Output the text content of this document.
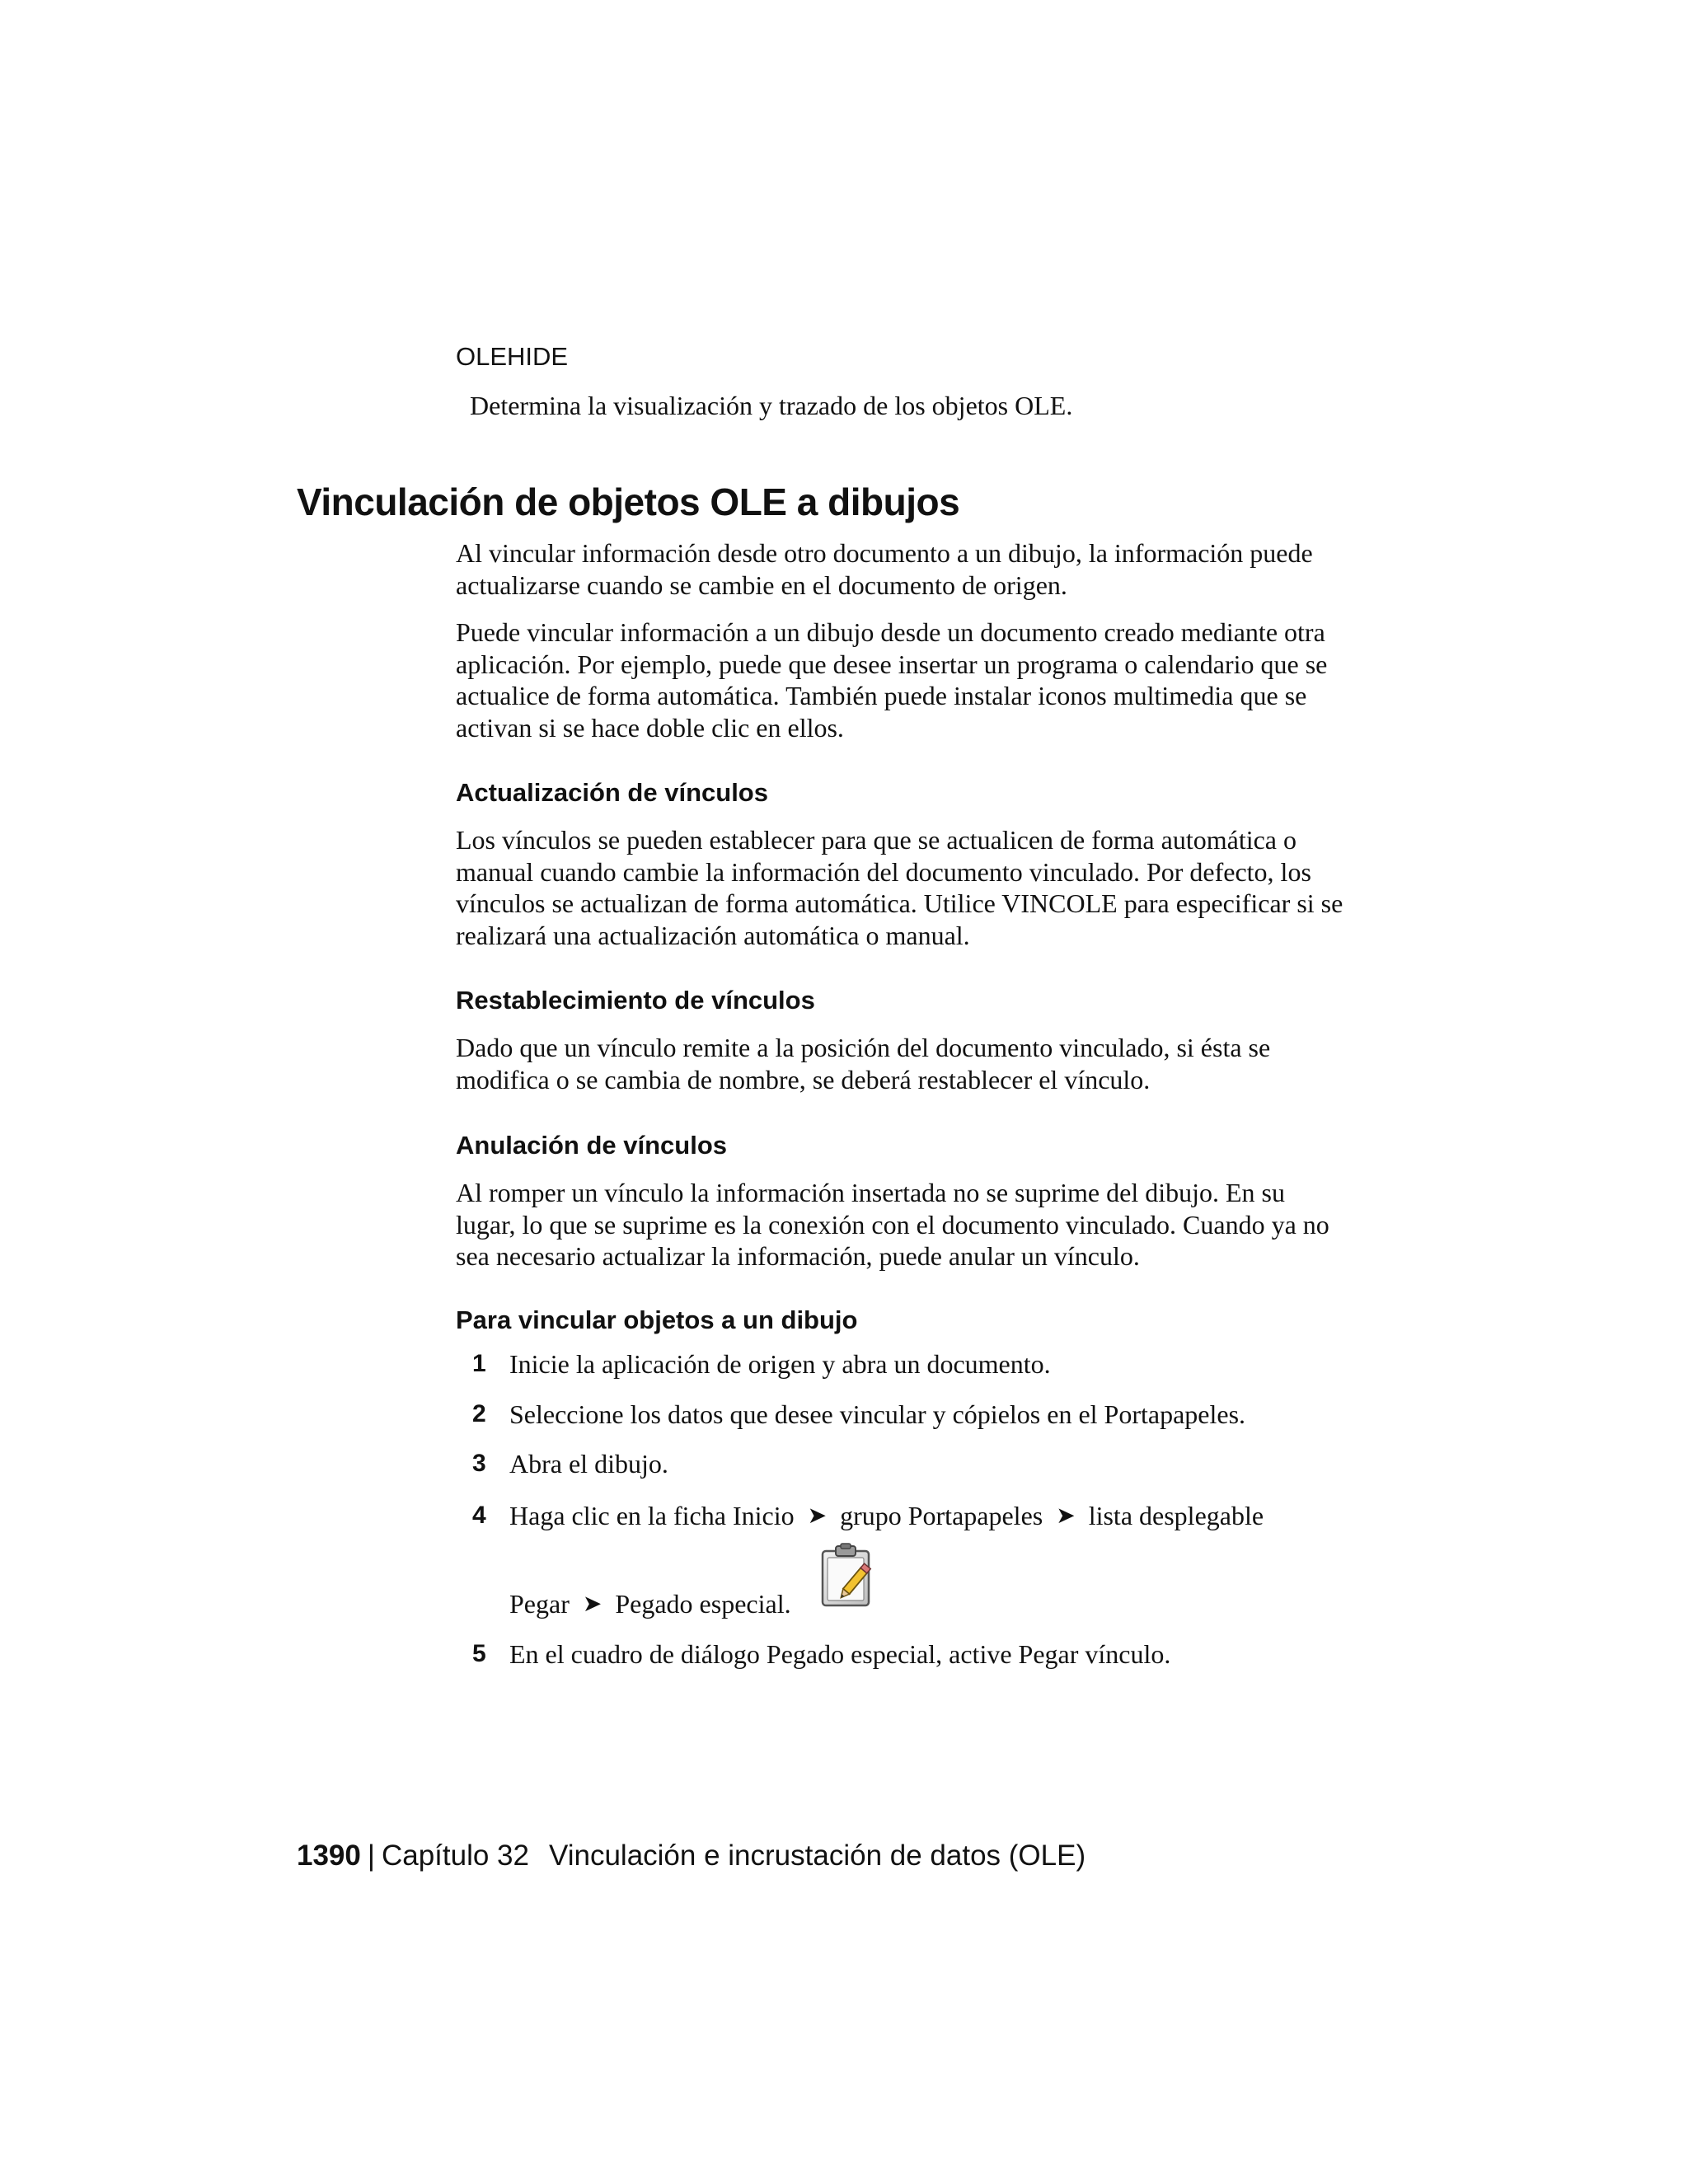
OLEHIDE
Determina la visualización y trazado de los objetos OLE.
Vinculación de objetos OLE a dibujos

Al vincular información desde otro documento a un dibujo, la información puede actualizarse cuando se cambie en el documento de origen.

Puede vincular información a un dibujo desde un documento creado mediante otra aplicación. Por ejemplo, puede que desee insertar un programa o calendario que se actualice de forma automática. También puede instalar iconos multimedia que se activan si se hace doble clic en ellos.

Actualización de vínculos

Los vínculos se pueden establecer para que se actualicen de forma automática o manual cuando cambie la información del documento vinculado. Por defecto, los vínculos se actualizan de forma automática. Utilice VINCOLE para especificar si se realizará una actualización automática o manual.

Restablecimiento de vínculos

Dado que un vínculo remite a la posición del documento vinculado, si ésta se modifica o se cambia de nombre, se deberá restablecer el vínculo.

Anulación de vínculos

Al romper un vínculo la información insertada no se suprime del dibujo. En su lugar, lo que se suprime es la conexión con el documento vinculado. Cuando ya no sea necesario actualizar la información, puede anular un vínculo.

Para vincular objetos a un dibujo
1 Inicie la aplicación de origen y abra un documento.
2 Seleccione los datos que desee vincular y cópielos en el Portapapeles.
3 Abra el dibujo.
4 Haga clic en la ficha Inicio ➤ grupo Portapapeles ➤ lista desplegable
Pegar ➤ Pegado especial.
5 En el cuadro de diálogo Pegado especial, active Pegar vínculo.
1390 | Capítulo 32 Vinculación e incrustación de datos (OLE)
